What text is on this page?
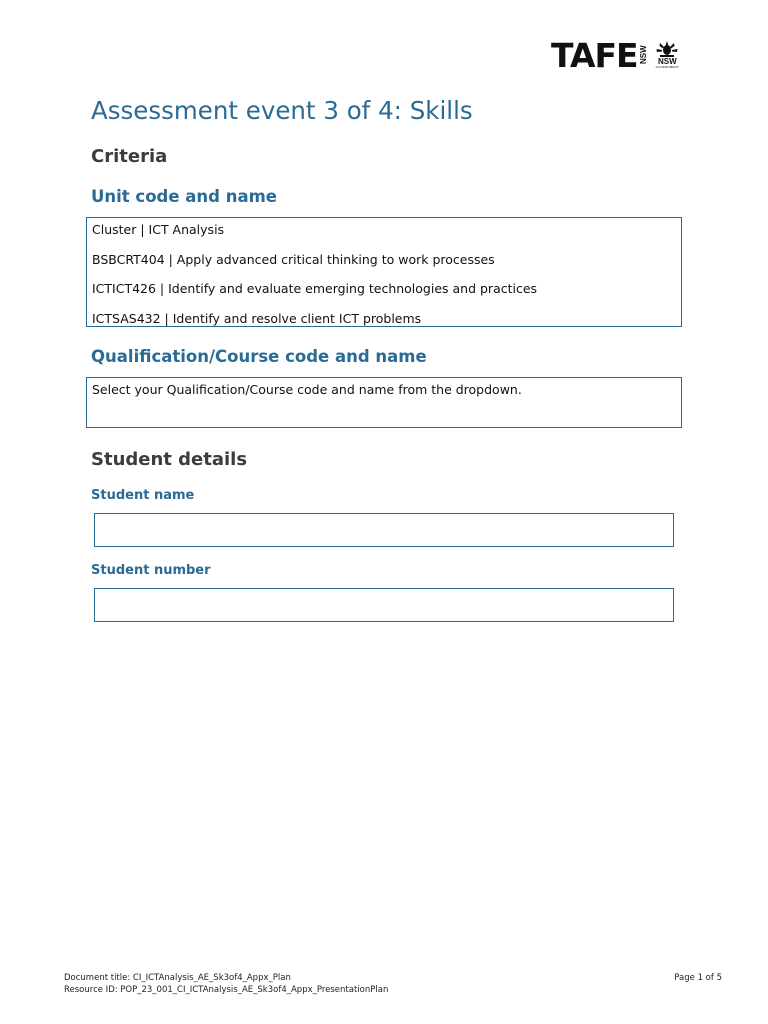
TAFE NSW NSW
GOVERNMENT
Assessment event 3 of 4: Skills
Criteria
Unit code and name
Cluster | ICT Analysis
BSBCRT404 | Apply advanced critical thinking to work processes
ICTICT426 | Identify and evaluate emerging technologies and practices
ICTSAS432 | Identify and resolve client ICT problems
Qualification/Course code and name
Select your Qualification/Course code and name from the dropdown.
Student details
Student name
Student number
Document title: CI_ICTAnalysis_AE_Sk3of4_Appx_Plan
Resource ID: POP_23_001_CI_ICTAnalysis_AE_Sk3of4_Appx_PresentationPlan
Page 1 of 5
